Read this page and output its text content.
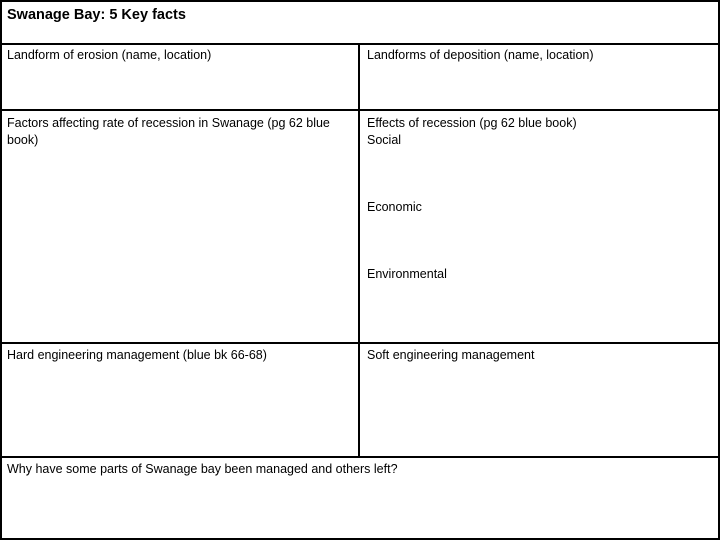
Swanage Bay: 5 Key facts
Landform of erosion (name, location)	Landforms of deposition (name, location)
Factors affecting rate of recession in Swanage (pg 62 blue book)
Effects of recession (pg 62 blue book)
Social
Economic
Environmental
Hard engineering management (blue bk 66-68)	Soft engineering management
Why have some parts of Swanage bay been managed and others left?
